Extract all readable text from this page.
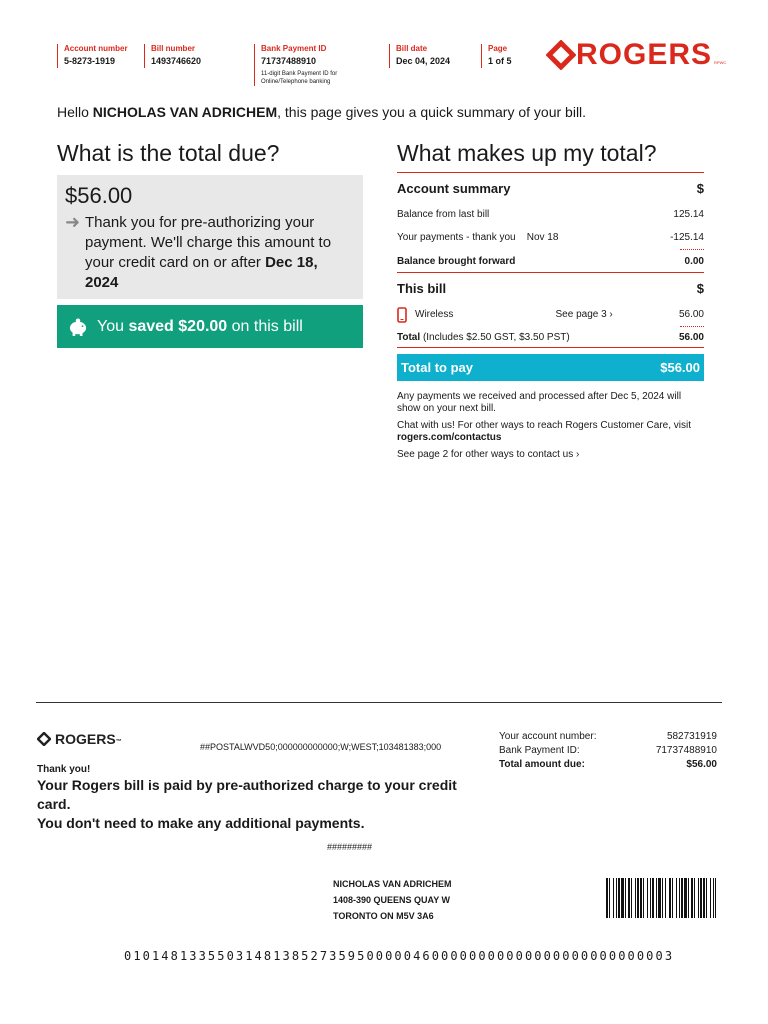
Account number
5-8273-1919
Bill number
1493746620
Bank Payment ID
71737488910
11-digit Bank Payment ID for Online/Telephone banking
Bill date
Dec 04, 2024
Page
1 of 5 ROGERS RPWC
Hello NICHOLAS VAN ADRICHEM, this page gives you a quick summary of your bill.
What is the total due?
$56.00
➜ Thank you for pre-authorizing your payment. We'll charge this amount to your credit card on or after Dec 18, 2024
You saved $20.00 on this bill
What makes up my total?
Account summary	$
Balance from last bill	125.14
Your payments - thank you Nov 18	-125.14
Balance brought forward	0.00
This bill	$
Wireless	See page 3 ›	56.00
Total (Includes $2.50 GST, $3.50 PST)	56.00
Total to pay	$56.00

Any payments we received and processed after Dec 5, 2024 will show on your next bill.

Chat with us! For other ways to reach Rogers Customer Care, visit rogers.com/contactus

See page 2 for other ways to contact us ›

ROGERS ™	##POSTALWVD50;000000000000;W;WEST;103481383;000
Your account number:	582731919
Bank Payment ID:	71737488910
Total amount due:	$56.00
Thank you!
Your Rogers bill is paid by pre-authorized charge to your credit card.
You don't need to make any additional payments.
#########
NICHOLAS VAN ADRICHEM
1408-390 QUEENS QUAY W
TORONTO ON M5V 3A6
01014813355031481385273595000004600000000000000000000000003
